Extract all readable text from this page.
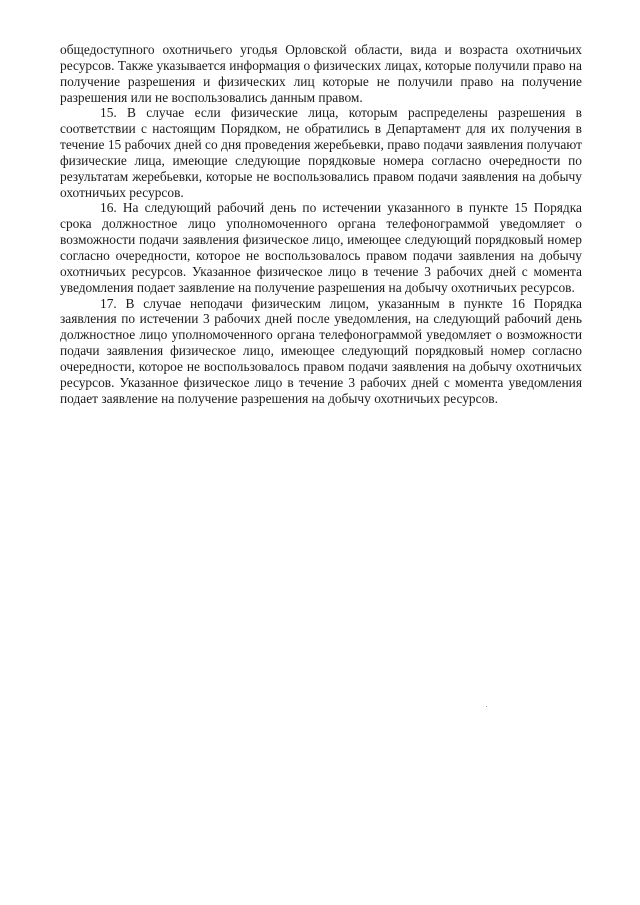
общедоступного охотничьего угодья Орловской области, вида и возраста охотничьих ресурсов. Также указывается информация о физических лицах, которые получили право на получение разрешения и физических лиц которые не получили право на получение разрешения или не воспользовались данным правом.

15. В случае если физические лица, которым распределены разрешения в соответствии с настоящим Порядком, не обратились в Департамент для их получения в течение 15 рабочих дней со дня проведения жеребьевки, право подачи заявления получают физические лица, имеющие следующие порядковые номера согласно очередности по результатам жеребьевки, которые не воспользовались правом подачи заявления на добычу охотничьих ресурсов.

16. На следующий рабочий день по истечении указанного в пункте 15 Порядка срока должностное лицо уполномоченного органа телефонограммой уведомляет о возможности подачи заявления физическое лицо, имеющее следующий порядковый номер согласно очередности, которое не воспользовалось правом подачи заявления на добычу охотничьих ресурсов. Указанное физическое лицо в течение 3 рабочих дней с момента уведомления подает заявление на получение разрешения на добычу охотничьих ресурсов.

17. В случае неподачи физическим лицом, указанным в пункте 16 Порядка заявления по истечении 3 рабочих дней после уведомления, на следующий рабочий день должностное лицо уполномоченного органа телефонограммой уведомляет о возможности подачи заявления физическое лицо, имеющее следующий порядковый номер согласно очередности, которое не воспользовалось правом подачи заявления на добычу охотничьих ресурсов. Указанное физическое лицо в течение 3 рабочих дней с момента уведомления подает заявление на получение разрешения на добычу охотничьих ресурсов.
